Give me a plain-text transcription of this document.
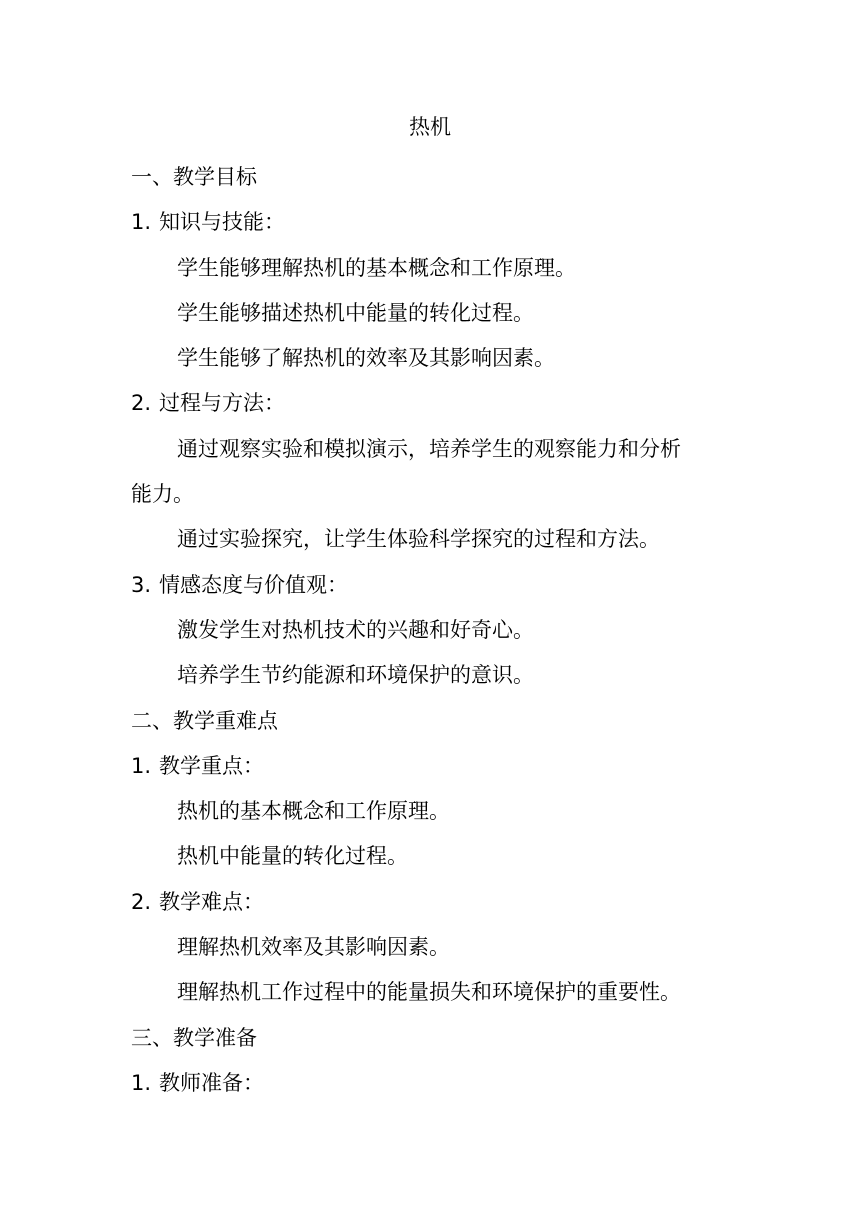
热机
一、教学目标
1. 知识与技能：
学生能够理解热机的基本概念和工作原理。
学生能够描述热机中能量的转化过程。
学生能够了解热机的效率及其影响因素。
2. 过程与方法：
通过观察实验和模拟演示，培养学生的观察能力和分析
能力。
通过实验探究，让学生体验科学探究的过程和方法。
3. 情感态度与价值观：
激发学生对热机技术的兴趣和好奇心。
培养学生节约能源和环境保护的意识。
二、教学重难点
1. 教学重点：
热机的基本概念和工作原理。
热机中能量的转化过程。
2. 教学难点：
理解热机效率及其影响因素。
理解热机工作过程中的能量损失和环境保护的重要性。
三、教学准备
1. 教师准备：
